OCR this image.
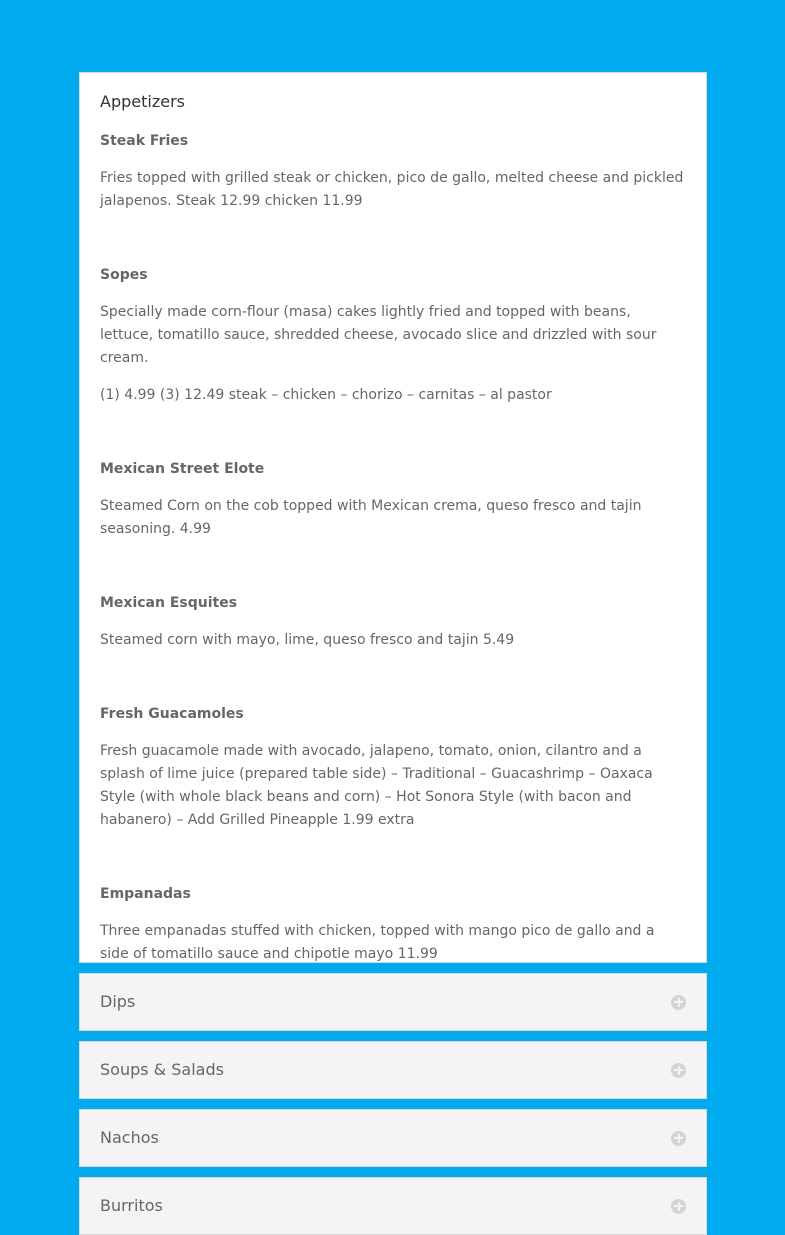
Appetizers
Steak Fries
Fries topped with grilled steak or chicken, pico de gallo, melted cheese and pickled jalapenos. Steak 12.99 chicken 11.99
Sopes
Specially made corn-flour (masa) cakes lightly fried and topped with beans, lettuce, tomatillo sauce, shredded cheese, avocado slice and drizzled with sour cream.
(1) 4.99 (3) 12.49 steak – chicken – chorizo – carnitas – al pastor
Mexican Street Elote
Steamed Corn on the cob topped with Mexican crema, queso fresco and tajin seasoning. 4.99
Mexican Esquites
Steamed corn with mayo, lime, queso fresco and tajin 5.49
Fresh Guacamoles
Fresh guacamole made with avocado, jalapeno, tomato, onion, cilantro and a splash of lime juice (prepared table side) – Traditional – Guacashrimp – Oaxaca Style (with whole black beans and corn) – Hot Sonora Style (with bacon and habanero) – Add Grilled Pineapple 1.99 extra
Empanadas
Three empanadas stuffed with chicken, topped with mango pico de gallo and a side of tomatillo sauce and chipotle mayo 11.99
Dips
Soups & Salads
Nachos
Burritos
